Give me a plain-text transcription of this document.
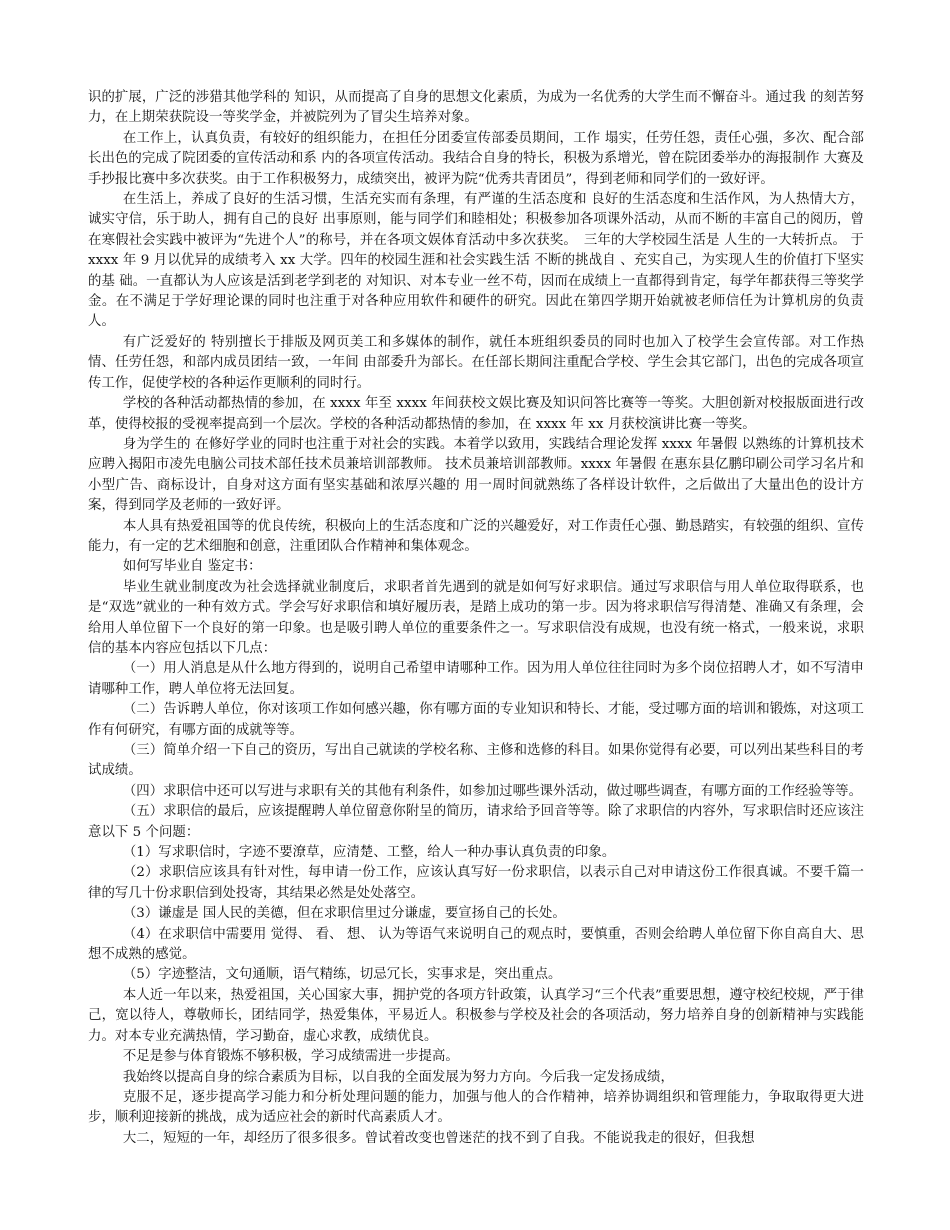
识的扩展，广泛的涉猎其他学科的 知识，从而提高了自身的思想文化素质，为成为一名优秀的大学生而不懈奋斗。通过我 的刻苦努力，在上期荣获院设一等奖学金，并被院列为了冒尖生培养对象。

在工作上，认真负责，有较好的组织能力，在担任分团委宣传部委员期间，工作 塌实，任劳任怨，责任心强，多次、配合部长出色的完成了院团委的宣传活动和系 内的各项宣传活动。我结合自身的特长，积极为系增光，曾在院团委举办的海报制作 大赛及手抄报比赛中多次获奖。由于工作积极努力，成绩突出，被评为院“优秀共青团员”，得到老师和同学们的一致好评。

在生活上，养成了良好的生活习惯，生活充实而有条理，有严谨的生活态度和 良好的生活态度和生活作风，为人热情大方，诚实守信，乐于助人，拥有自己的良好 出事原则，能与同学们和睦相处；积极参加各项课外活动，从而不断的丰富自己的阅历，曾在寒假社会实践中被评为“先进个人”的称号，并在各项文娱体育活动中多次获奖。　三年的大学校园生活是 人生的一大转折点。 于 xxxx 年 9 月以优异的成绩考入 xx 大学。四年的校园生涯和社会实践生活 不断的挑战自 、充实自己，为实现人生的价值打下坚实的基 础。一直都认为人应该是活到老学到老的 对知识、对本专业一丝不苟，因而在成绩上一直都得到肯定，每学年都获得三等奖学金。在不满足于学好理论课的同时也注重于对各种应用软件和硬件的研究。因此在第四学期开始就被老师信任为计算机房的负责人。

有广泛爱好的 特别擅长于排版及网页美工和多媒体的制作，就任本班组织委员的同时也加入了校学生会宣传部。对工作热情、任劳任怨，和部内成员团结一致，一年间 由部委升为部长。在任部长期间注重配合学校、学生会其它部门，出色的完成各项宣传工作，促使学校的各种运作更顺利的同时行。

学校的各种活动都热情的参加，在 xxxx 年至 xxxx 年间获校文娱比赛及知识问答比赛等一等奖。大胆创新对校报版面进行改革，使得校报的受视率提高到一个层次。学校的各种活动都热情的参加，在 xxxx 年 xx 月获校演讲比赛一等奖。

身为学生的 在修好学业的同时也注重于对社会的实践。本着学以致用，实践结合理论发挥 xxxx 年暑假 以熟练的计算机技术应聘入揭阳市凌先电脑公司技术部任技术员兼培训部教师。 技术员兼培训部教师。xxxx 年暑假 在惠东县亿鹏印刷公司学习名片和小型广告、商标设计，自身对这方面有坚实基础和浓厚兴趣的 用一周时间就熟练了各样设计软件，之后做出了大量出色的设计方案，得到同学及老师的一致好评。

本人具有热爱祖国等的优良传统，积极向上的生活态度和广泛的兴趣爱好，对工作责任心强、勤恳踏实，有较强的组织、宣传能力，有一定的艺术细胞和创意，注重团队合作精神和集体观念。

如何写毕业自 鉴定书：

毕业生就业制度改为社会选择就业制度后，求职者首先遇到的就是如何写好求职信。通过写求职信与用人单位取得联系，也是“双选”就业的一种有效方式。学会写好求职信和填好履历表，是踏上成功的第一步。因为将求职信写得清楚、准确又有条理，会给用人单位留下一个良好的第一印象。也是吸引聘人单位的重要条件之一。写求职信没有成规，也没有统一格式，一般来说，求职信的基本内容应包括以下几点：

（一）用人消息是从什么地方得到的，说明自己希望申请哪种工作。因为用人单位往往同时为多个岗位招聘人才，如不写清申请哪种工作，聘人单位将无法回复。

（二）告诉聘人单位，你对该项工作如何感兴趣，你有哪方面的专业知识和特长、才能，受过哪方面的培训和锻炼，对这项工作有何研究，有哪方面的成就等等。

（三）简单介绍一下自己的资历，写出自己就读的学校名称、主修和选修的科目。如果你觉得有必要，可以列出某些科目的考试成绩。

（四）求职信中还可以写进与求职有关的其他有利条件，如参加过哪些课外活动，做过哪些调查，有哪方面的工作经验等等。

（五）求职信的最后，应该提醒聘人单位留意你附呈的简历，请求给予回音等等。除了求职信的内容外，写求职信时还应该注意以下 5 个问题：

（1）写求职信时，字迹不要潦草，应清楚、工整，给人一种办事认真负责的印象。

（2）求职信应该具有针对性，每申请一份工作，应该认真写好一份求职信，以表示自己对申请这份工作很真诚。不要千篇一律的写几十份求职信到处投寄，其结果必然是处处落空。

（3）谦虚是 国人民的美德，但在求职信里过分谦虚，要宣扬自己的长处。

（4）在求职信中需要用 觉得、 看、 想、 认为等语气来说明自己的观点时，要慎重，否则会给聘人单位留下你自高自大、思想不成熟的感觉。

（5）字迹整洁，文句通顺，语气精练，切忌冗长，实事求是，突出重点。

本人近一年以来，热爱祖国，关心国家大事，拥护党的各项方针政策，认真学习“三个代表”重要思想，遵守校纪校规，严于律己，宽以待人，尊敬师长，团结同学，热爱集体，平易近人。积极参与学校及社会的各项活动，努力培养自身的创新精神与实践能力。对本专业充满热情，学习勤奋，虚心求教，成绩优良。

不足是参与体育锻炼不够积极，学习成绩需进一步提高。

我始终以提高自身的综合素质为目标，以自我的全面发展为努力方向。今后我一定发扬成绩，

克服不足，逐步提高学习能力和分析处理问题的能力，加强与他人的合作精神，培养协调组织和管理能力，争取取得更大进步，顺利迎接新的挑战，成为适应社会的新时代高素质人才。

大二，短短的一年，却经历了很多很多。曾试着改变也曾迷茫的找不到了自我。不能说我走的很好，但我想
